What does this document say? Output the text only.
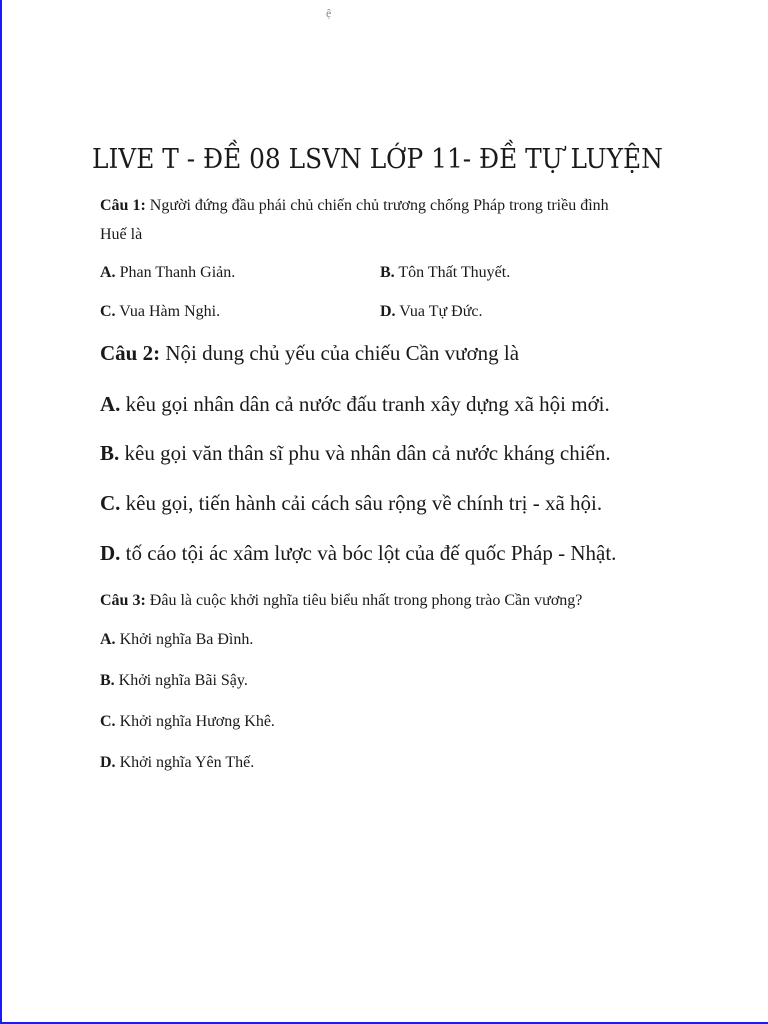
ệ
LIVE T - ĐỀ 08 LSVN LỚP 11- ĐỀ TỰ LUYỆN
Câu 1: Người đứng đầu phái chủ chiến chủ trương chống Pháp trong triều đình
Huế là
A. Phan Thanh Giản.	B. Tôn Thất Thuyết.
C. Vua Hàm Nghi.	D. Vua Tự Đức.
Câu 2: Nội dung chủ yếu của chiếu Cần vương là
A. kêu gọi nhân dân cả nước đấu tranh xây dựng xã hội mới.
B. kêu gọi văn thân sĩ phu và nhân dân cả nước kháng chiến.
C. kêu gọi, tiến hành cải cách sâu rộng về chính trị - xã hội.
D. tố cáo tội ác xâm lược và bóc lột của đế quốc Pháp - Nhật.
Câu 3: Đâu là cuộc khởi nghĩa tiêu biểu nhất trong phong trào Cần vương?
A. Khởi nghĩa Ba Đình.
B. Khởi nghĩa Bãi Sậy.
C. Khởi nghĩa Hương Khê.
D. Khởi nghĩa Yên Thế.
